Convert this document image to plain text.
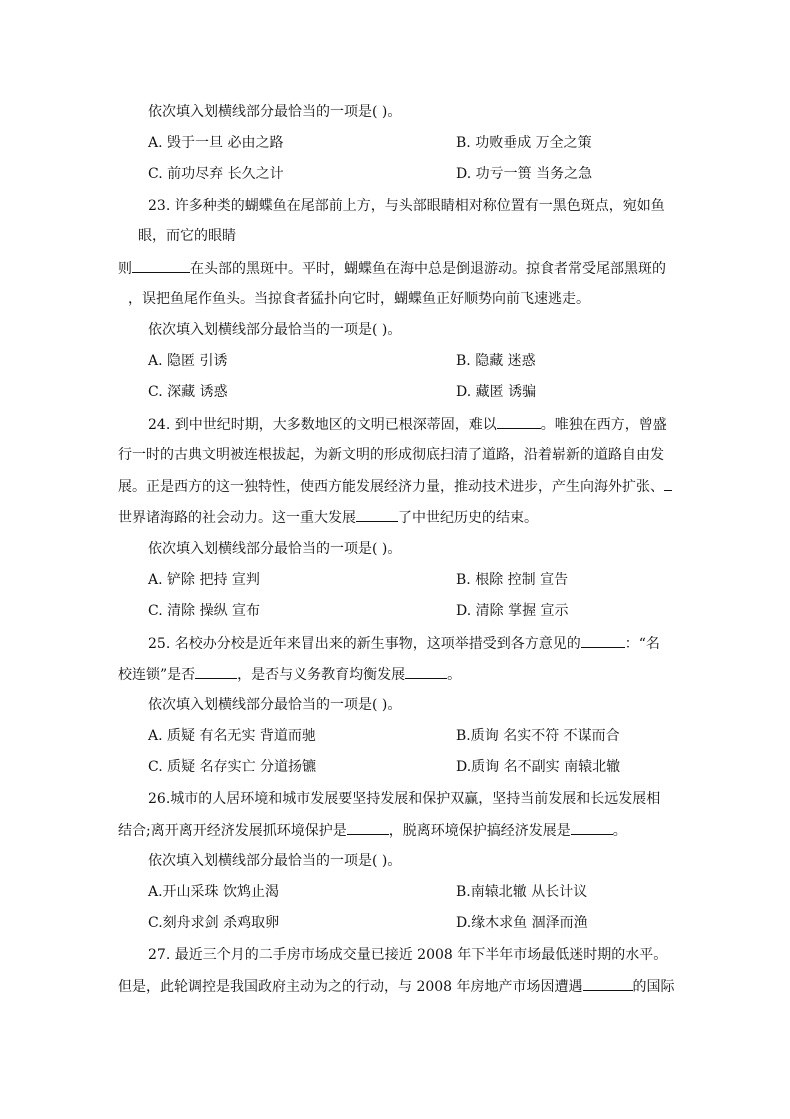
依次填入划横线部分最恰当的一项是( )。
A. 毁于一旦 必由之路	B. 功败垂成 万全之策
C. 前功尽弃 长久之计	D. 功亏一篑 当务之急
23. 许多种类的蝴蝶鱼在尾部前上方，与头部眼睛相对称位置有一黑色斑点，宛如鱼
眼，而它的眼睛
则	在头部的黑斑中。平时，蝴蝶鱼在海中总是倒退游动。掠食者常受尾部黑斑的
，误把鱼尾作鱼头。当掠食者猛扑向它时，蝴蝶鱼正好顺势向前飞速逃走。
依次填入划横线部分最恰当的一项是( )。
A. 隐匿 引诱	B. 隐藏 迷惑
C. 深藏 诱惑	D. 藏匿 诱骗
24. 到中世纪时期，大多数地区的文明已根深蒂固，难以	。唯独在西方，曾盛
行一时的古典文明被连根拔起，为新文明的形成彻底扫清了道路，沿着崭新的道路自由发
展。正是西方的这一独特性，使西方能发展经济力量，推动技术进步，产生向海外扩张、
世界诸海路的社会动力。这一重大发展	了中世纪历史的结束。
依次填入划横线部分最恰当的一项是( )。
A. 铲除 把持 宣判	B. 根除 控制 宣告
C. 清除 操纵 宣布	D. 清除 掌握 宣示
25. 名校办分校是近年来冒出来的新生事物，这项举措受到各方意见的	：“名
校连锁”是否	，是否与义务教育均衡发展	。
依次填入划横线部分最恰当的一项是( )。
A. 质疑 有名无实 背道而驰	B.质询 名实不符 不谋而合
C. 质疑 名存实亡 分道扬镳	D.质询 名不副实 南辕北辙
26.城市的人居环境和城市发展要坚持发展和保护双赢，坚持当前发展和长远发展相
结合;离开离开经济发展抓环境保护是	，脱离环境保护搞经济发展是	。
依次填入划横线部分最恰当的一项是( )。
A.开山采珠 饮鸩止渴	B.南辕北辙 从长计议
C.刻舟求剑 杀鸡取卵	D.缘木求鱼 涸泽而渔
27. 最近三个月的二手房市场成交量已接近 2008 年下半年市场最低迷时期的水平。
但是，此轮调控是我国政府主动为之的行动，与 2008 年房地产市场因遭遇	的国际
